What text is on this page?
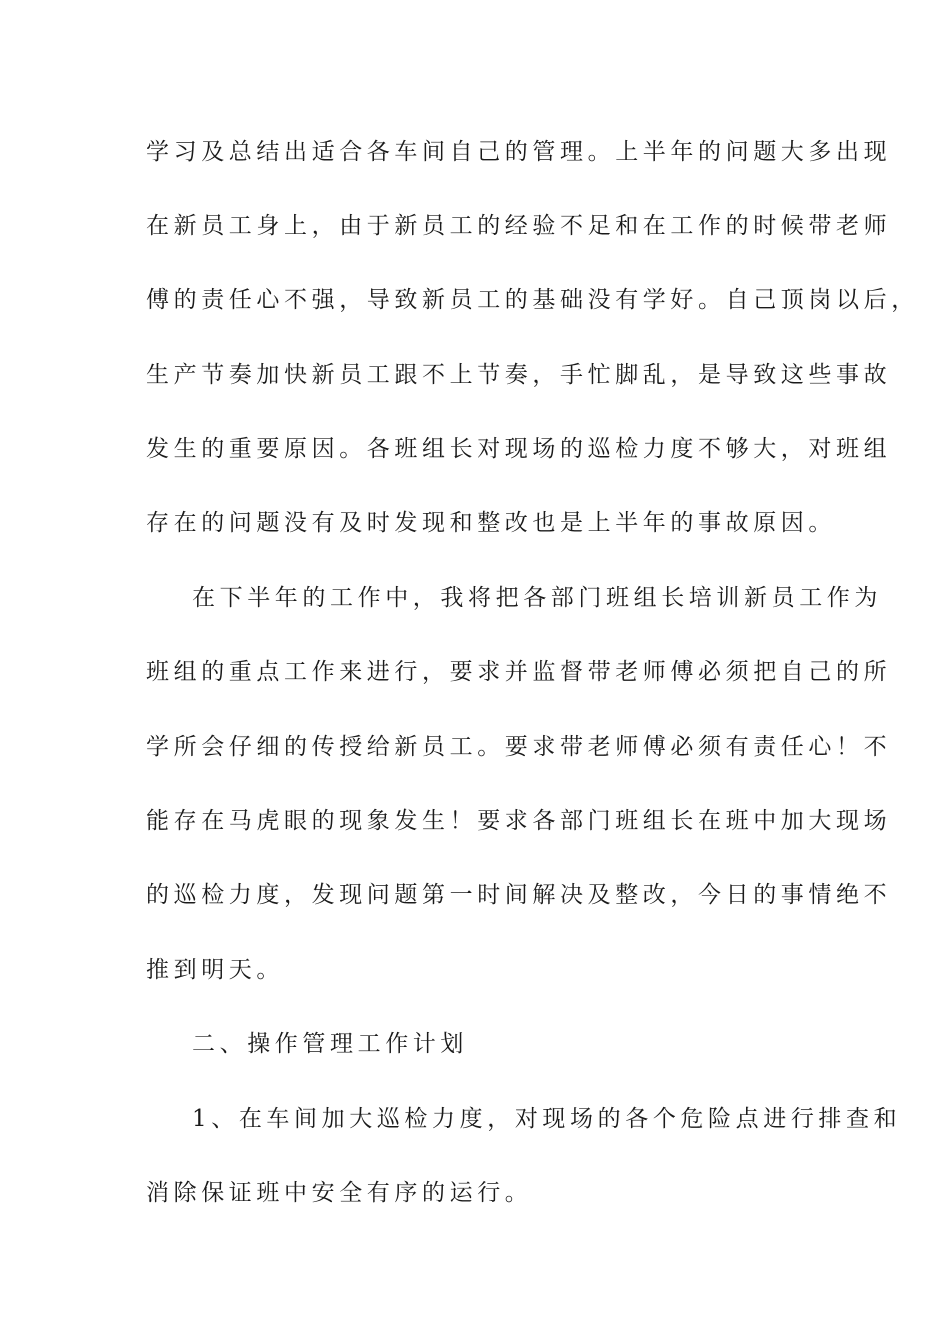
学习及总结出适合各车间自己的管理。上半年的问题大多出现
在新员工身上，由于新员工的经验不足和在工作的时候带老师
傅的责任心不强，导致新员工的基础没有学好。自己顶岗以后，
生产节奏加快新员工跟不上节奏，手忙脚乱，是导致这些事故
发生的重要原因。各班组长对现场的巡检力度不够大，对班组
存在的问题没有及时发现和整改也是上半年的事故原因。
在下半年的工作中，我将把各部门班组长培训新员工作为
班组的重点工作来进行，要求并监督带老师傅必须把自己的所
学所会仔细的传授给新员工。要求带老师傅必须有责任心！不
能存在马虎眼的现象发生！要求各部门班组长在班中加大现场
的巡检力度，发现问题第一时间解决及整改，今日的事情绝不
推到明天。
二、操作管理工作计划
1、在车间加大巡检力度，对现场的各个危险点进行排查和
消除保证班中安全有序的运行。
